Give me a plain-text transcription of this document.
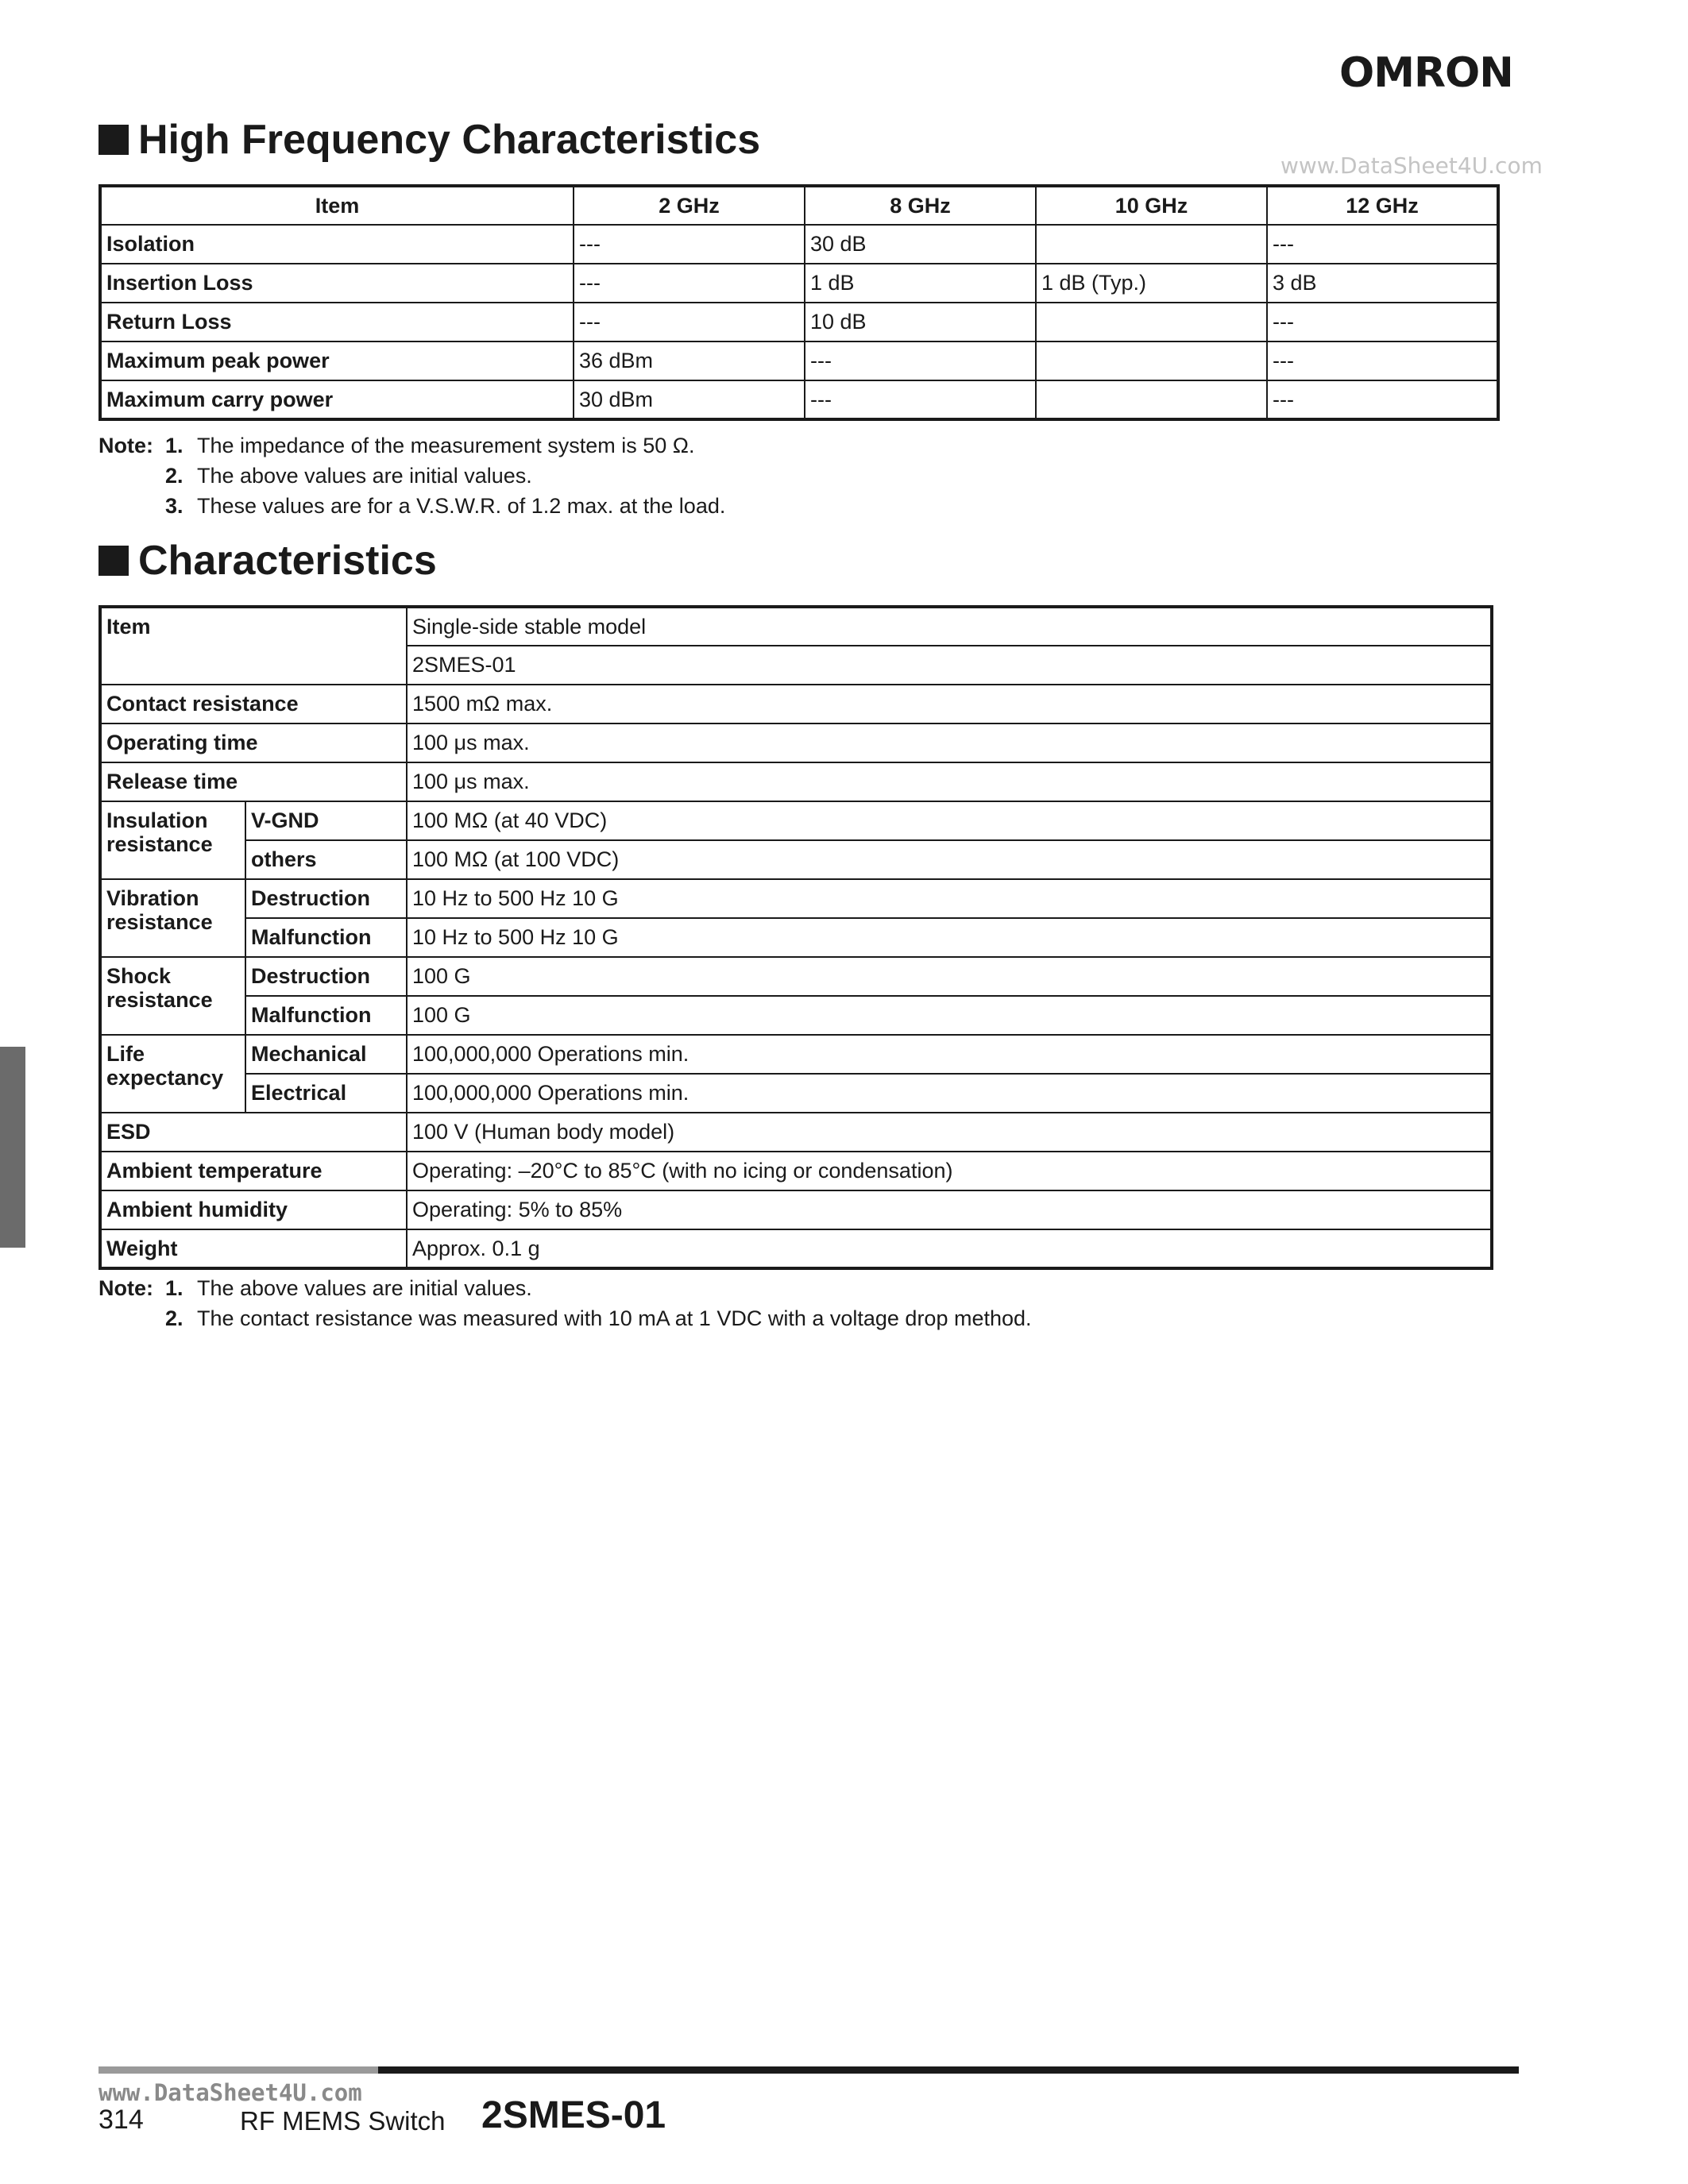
OMRON
www.DataSheet4U.com
High Frequency Characteristics
Item	2 GHz	8 GHz	10 GHz	12 GHz
Isolation	---	30 dB		---
Insertion Loss	---	1 dB	1 dB (Typ.)	3 dB
Return Loss	---	10 dB		---
Maximum peak power	36 dBm	---		---
Maximum carry power	30 dBm	---		---
Note: 1. The impedance of the measurement system is 50 Ω.
2. The above values are initial values.
3. These values are for a V.S.W.R. of 1.2 max. at the load.
Characteristics
Item		Single-side stable model
		2SMES-01
Contact resistance		1500 mΩ max.
Operating time		100 μs max.
Release time		100 μs max.
Insulation resistance	V-GND	100 MΩ (at 40 VDC)
	others	100 MΩ (at 100 VDC)
Vibration resistance	Destruction	10 Hz to 500 Hz 10 G
	Malfunction	10 Hz to 500 Hz 10 G
Shock resistance	Destruction	100 G
	Malfunction	100 G
Life expectancy	Mechanical	100,000,000 Operations min.
	Electrical	100,000,000 Operations min.
ESD		100 V (Human body model)
Ambient temperature		Operating: –20°C to 85°C (with no icing or condensation)
Ambient humidity		Operating: 5% to 85%
Weight		Approx. 0.1 g
Note: 1. The above values are initial values.
2. The contact resistance was measured with 10 mA at 1 VDC with a voltage drop method.
www.DataSheet4U.com
314	RF MEMS Switch 2SMES-01
